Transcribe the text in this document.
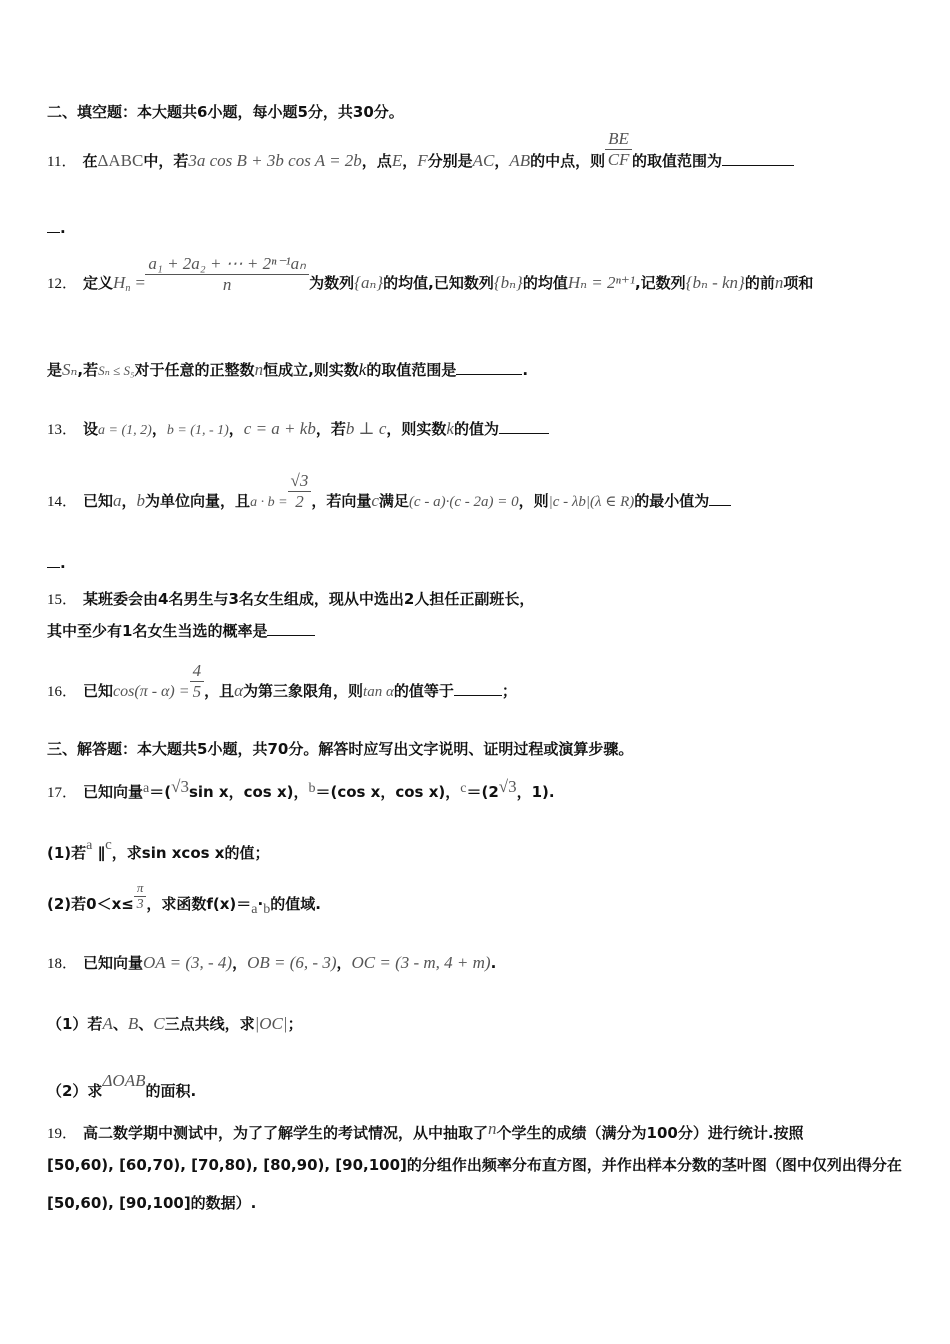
二、填空题：本大题共6小题，每小题5分，共30分。
11． 在ΔABC中，若3a cos B + 3b cos A = 2b，点E，F分别是AC，AB的中点，则 $\frac{BE}{CF}$ 的取值范围为
.
12． 定义$H_n = \frac{\text{a₁ + 2a₂ + ⋯ + 2ⁿ⁻¹aₙ}}{n}$ 为数列{aₙ}的均值,已知数列{bₙ}的均值Hₙ = 2ⁿ⁺¹,记数列{bₙ - kn}的前n项和
是Sₙ,若Sₙ ≤ S₅对于任意的正整数n恒成立,则实数k的取值范围是	.
13． 设a = (1, 2)，b = (1, - 1)，c = a + kb，若b ⊥ c，则实数k的值为
14． 已知a，b为单位向量，且$a \cdot b = \frac{√3}{2}$ ，若向量c满足(c - a)·(c - 2a) = 0，则|c - λb|(λ ∈ R)的最小值为
.
15． 某班委会由4名男生与3名女生组成，现从中选出2人担任正副班长，
其中至少有1名女生当选的概率是
16． 已知$\cos(\pi - \alpha) = \frac{4}{5}$ ，且α为第三象限角，则tan α的值等于	；
三、解答题：本大题共5小题，共70分。解答时应写出文字说明、证明过程或演算步骤。
17． 已知向量a＝(√3sin x，cos x)，b＝(cos x，cos x)，c＝(2√3，1).
(1)若a ∥c，求sin xcos x的值；
(2)若$0<x\le \frac{\pi}{3}$ ，求函数f(x)＝a·b的值域.
18． 已知向量OA = (3, - 4)，OB = (6, - 3)，OC = (3 - m, 4 + m).
（1）若A、B、C三点共线，求|OC|；
（2）求ΔOAB的面积.
19． 高二数学期中测试中，为了了解学生的考试情况，从中抽取了n个学生的成绩（满分为100分）进行统计.按照
[50,60), [60,70), [70,80), [80,90), [90,100]的分组作出频率分布直方图，并作出样本分数的茎叶图（图中仅列出得分在
[50,60), [90,100]的数据）.
